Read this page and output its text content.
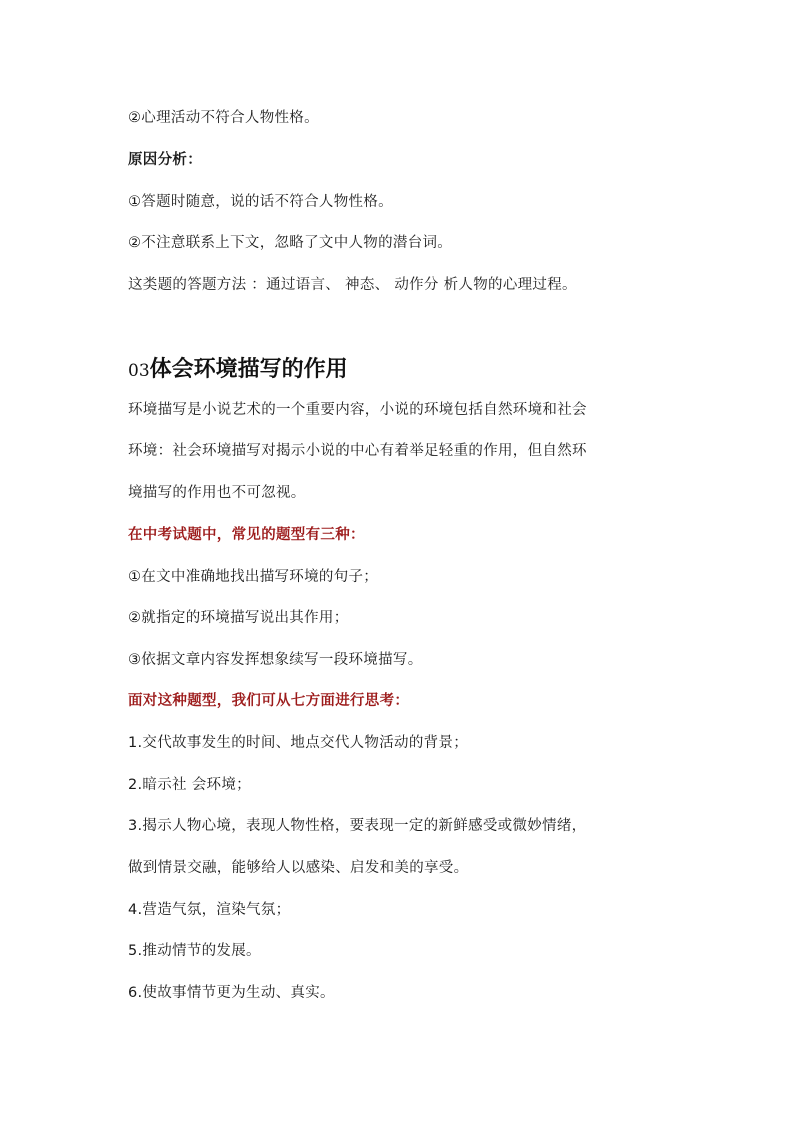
②心理活动不符合人物性格。
原因分析：
①答题时随意，说的话不符合人物性格。
②不注意联系上下文，忽略了文中人物的潜台词。
这类题的答题方法 ：通过语言、 神态、 动作分 析人物的心理过程。
03体会环境描写的作用
环境描写是小说艺术的一个重要内容，小说的环境包括自然环境和社会
环境：社会环境描写对揭示小说的中心有着举足轻重的作用，但自然环
境描写的作用也不可忽视。
在中考试题中，常见的题型有三种：
①在文中准确地找出描写环境的句子；
②就指定的环境描写说出其作用；
③依据文章内容发挥想象续写一段环境描写。
面对这种题型，我们可从七方面进行思考：
1.交代故事发生的时间、地点交代人物活动的背景；
2.暗示社 会环境；
3.揭示人物心境，表现人物性格，要表现一定的新鲜感受或微妙情绪，
做到情景交融，能够给人以感染、启发和美的享受。
4.营造气氛，渲染气氛；
5.推动情节的发展。
6.使故事情节更为生动、真实。
